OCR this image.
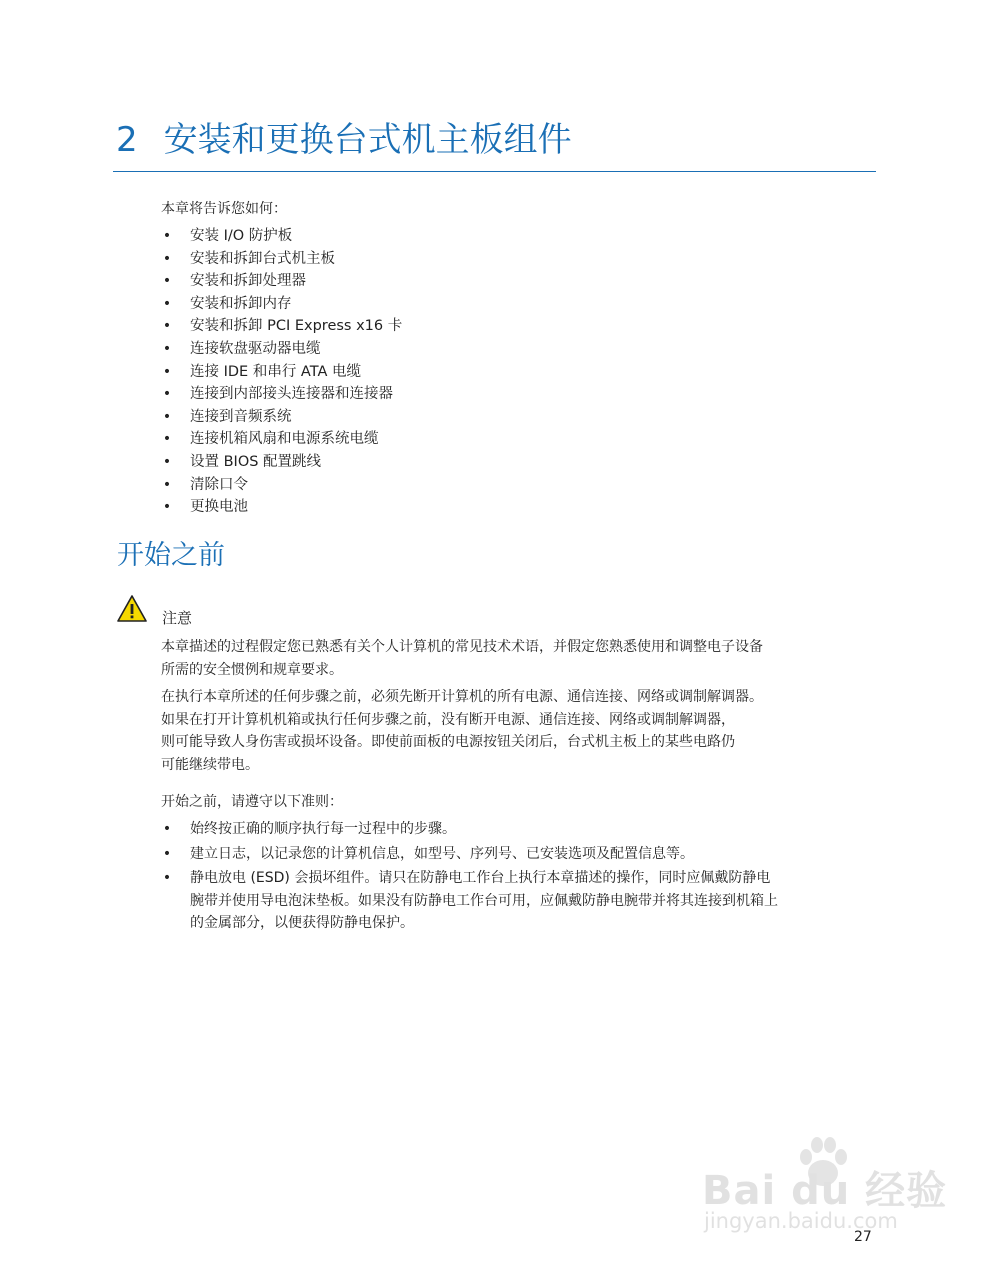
2 安装和更换台式机主板组件

本章将告诉您如何：

• 安装 I/O 防护板
• 安装和拆卸台式机主板
• 安装和拆卸处理器
• 安装和拆卸内存
• 安装和拆卸 PCI Express x16 卡
• 连接软盘驱动器电缆
• 连接 IDE 和串行 ATA 电缆
• 连接到内部接头连接器和连接器
• 连接到音频系统
• 连接机箱风扇和电源系统电缆
• 设置 BIOS 配置跳线
• 清除口令
• 更换电池
开始之前

注意

本章描述的过程假定您已熟悉有关个人计算机的常见技术术语，并假定您熟悉使用和调整电子设备
所需的安全惯例和规章要求。

在执行本章所述的任何步骤之前，必须先断开计算机的所有电源、通信连接、网络或调制解调器。
如果在打开计算机机箱或执行任何步骤之前，没有断开电源、通信连接、网络或调制解调器，
则可能导致人身伤害或损坏设备。即使前面板的电源按钮关闭后，台式机主板上的某些电路仍
可能继续带电。

开始之前，请遵守以下准则：

• 始终按正确的顺序执行每一过程中的步骤。
• 建立日志，以记录您的计算机信息，如型号、序列号、已安装选项及配置信息等。
• 静电放电 (ESD) 会损坏组件。请只在防静电工作台上执行本章描述的操作，同时应佩戴防静电
腕带并使用导电泡沫垫板。如果没有防静电工作台可用，应佩戴防静电腕带并将其连接到机箱上
的金属部分，以便获得防静电保护。
Bai du 经验
jingyan.baidu.com

27
